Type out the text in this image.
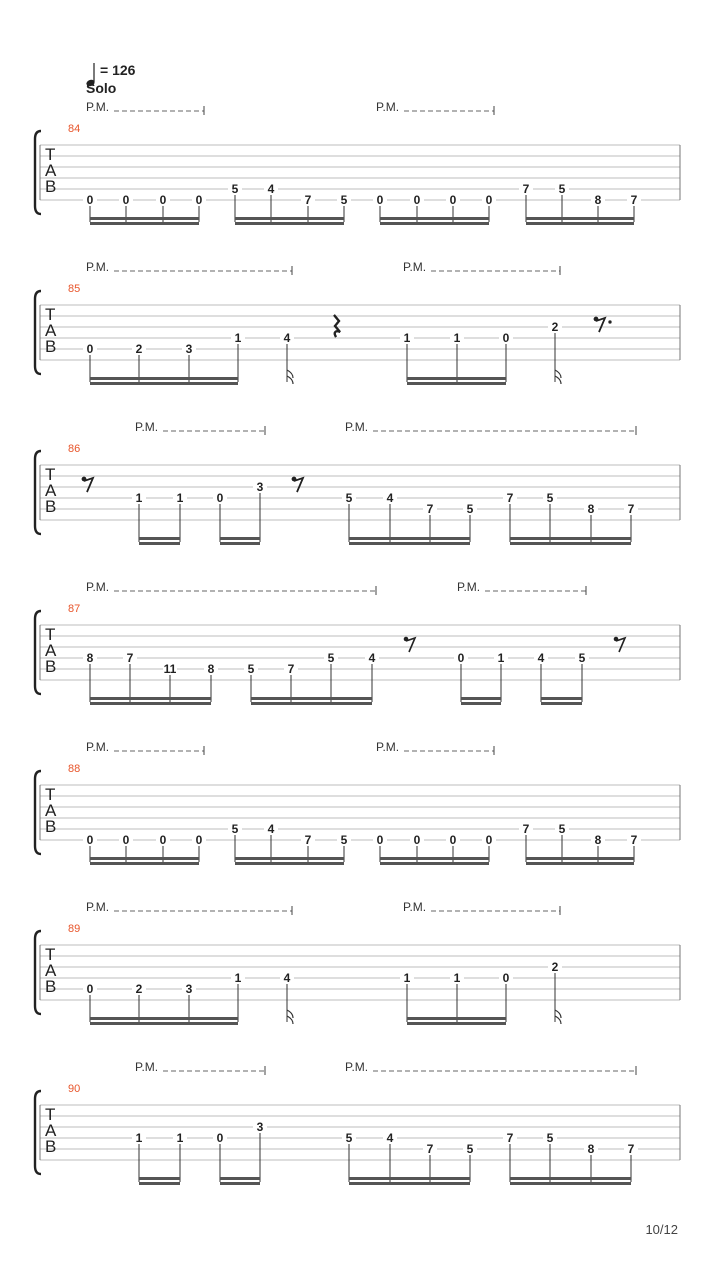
= 126
Solo
P.M.	P.M.
84
T
A
B
0 0	0 0
5 4
7 5 0	0 0 0
7 5
8 7
P.M.	P.M.
85
T
A
B	0	2	3
1	4	1	1	0
2
P.M.	P.M.
86
T
A
B	1	1	0
3
5	4
7	5
7	5
8	7
P.M.	P.M.
87
T
A
B	8	7
11	8	5	7
5	4	0	1	4	5
P.M.	P.M.
88
T
A
B
0 0	0 0
5 4
7 5 0	0 0 0
7 5
8 7
P.M.	P.M.
89
T
A
B	0	2	3
1	4	1	1	0
2
P.M.	P.M.
90
T
A
B	1	1	0
3
5	4
7	5
7	5
8	7
10/12
